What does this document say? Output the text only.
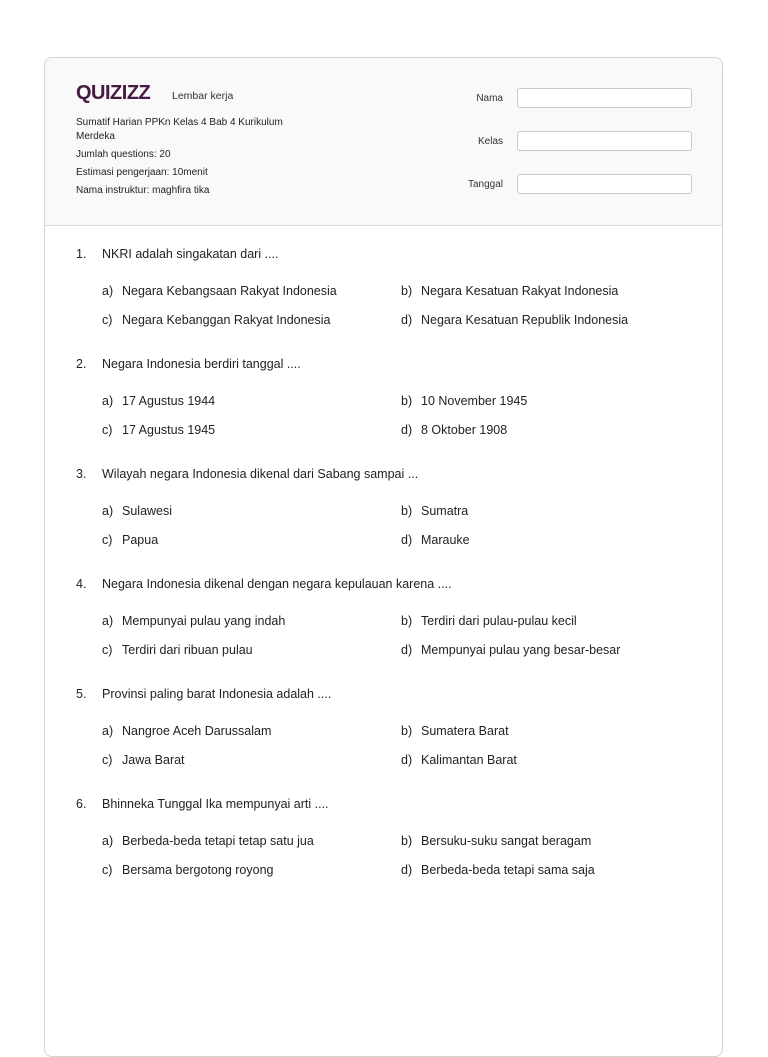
QUIZIZZ Lembar kerja
Sumatif Harian PPKn Kelas 4 Bab 4 Kurikulum Merdeka
Jumlah questions: 20
Estimasi pengerjaan: 10menit
Nama instruktur: maghfira tika
Nama
Kelas
Tanggal
1.	NKRI adalah singakatan dari ....
a) Negara Kebangsaan Rakyat Indonesia	b) Negara Kesatuan Rakyat Indonesia
c) Negara Kebanggan Rakyat Indonesia	d) Negara Kesatuan Republik Indonesia
2.	Negara Indonesia berdiri tanggal ....
a) 17 Agustus 1944	b) 10 November 1945
c) 17 Agustus 1945	d) 8 Oktober 1908
3.	Wilayah negara Indonesia dikenal dari Sabang sampai ...
a) Sulawesi	b) Sumatra
c) Papua	d) Marauke
4.	Negara Indonesia dikenal dengan negara kepulauan karena ....
a) Mempunyai pulau yang indah	b) Terdiri dari pulau-pulau kecil
c) Terdiri dari ribuan pulau	d) Mempunyai pulau yang besar-besar
5.	Provinsi paling barat Indonesia adalah ....
a) Nangroe Aceh Darussalam	b) Sumatera Barat
c) Jawa Barat	d) Kalimantan Barat
6.	Bhinneka Tunggal Ika mempunyai arti ....
a) Berbeda-beda tetapi tetap satu jua	b) Bersuku-suku sangat beragam
c) Bersama bergotong royong	d) Berbeda-beda tetapi sama saja
